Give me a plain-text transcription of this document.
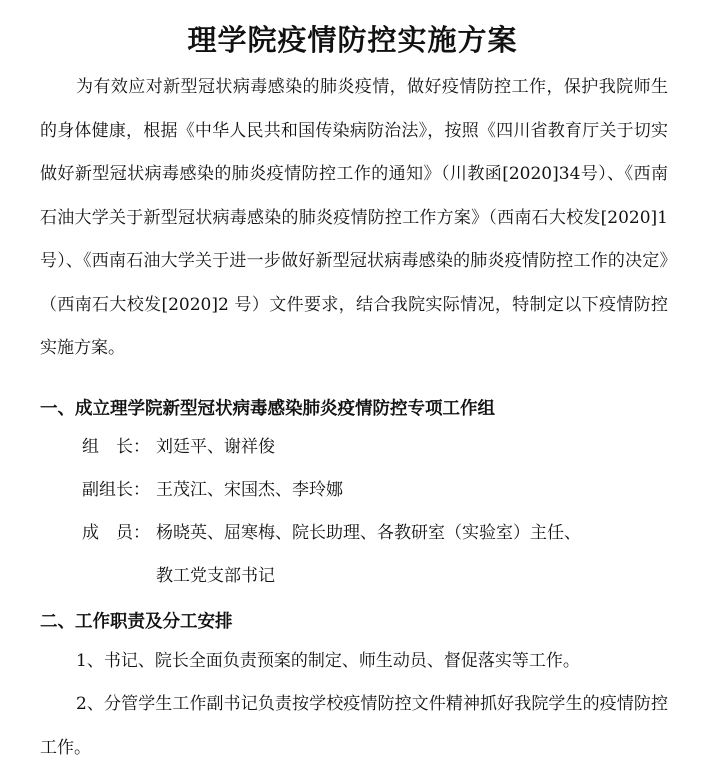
理学院疫情防控实施方案

为有效应对新型冠状病毒感染的肺炎疫情，做好疫情防控工作，保护我院师生的身体健康，根据《中华人民共和国传染病防治法》，按照《四川省教育厅关于切实做好新型冠状病毒感染的肺炎疫情防控工作的通知》（川教函[2020]34号）、《西南石油大学关于新型冠状病毒感染的肺炎疫情防控工作方案》（西南石大校发[2020]1 号）、《西南石油大学关于进一步做好新型冠状病毒感染的肺炎疫情防控工作的决定》（西南石大校发[2020]2 号）文件要求，结合我院实际情况，特制定以下疫情防控实施方案。

一、成立理学院新型冠状病毒感染肺炎疫情防控专项工作组

组　长： 刘廷平、谢祥俊
副组长： 王茂江、宋国杰、李玲娜
成　员： 杨晓英、屈寒梅、院长助理、各教研室（实验室）主任、
教工党支部书记

二、工作职责及分工安排

1、书记、院长全面负责预案的制定、师生动员、督促落实等工作。

2、分管学生工作副书记负责按学校疫情防控文件精神抓好我院学生的疫情防控工作。
